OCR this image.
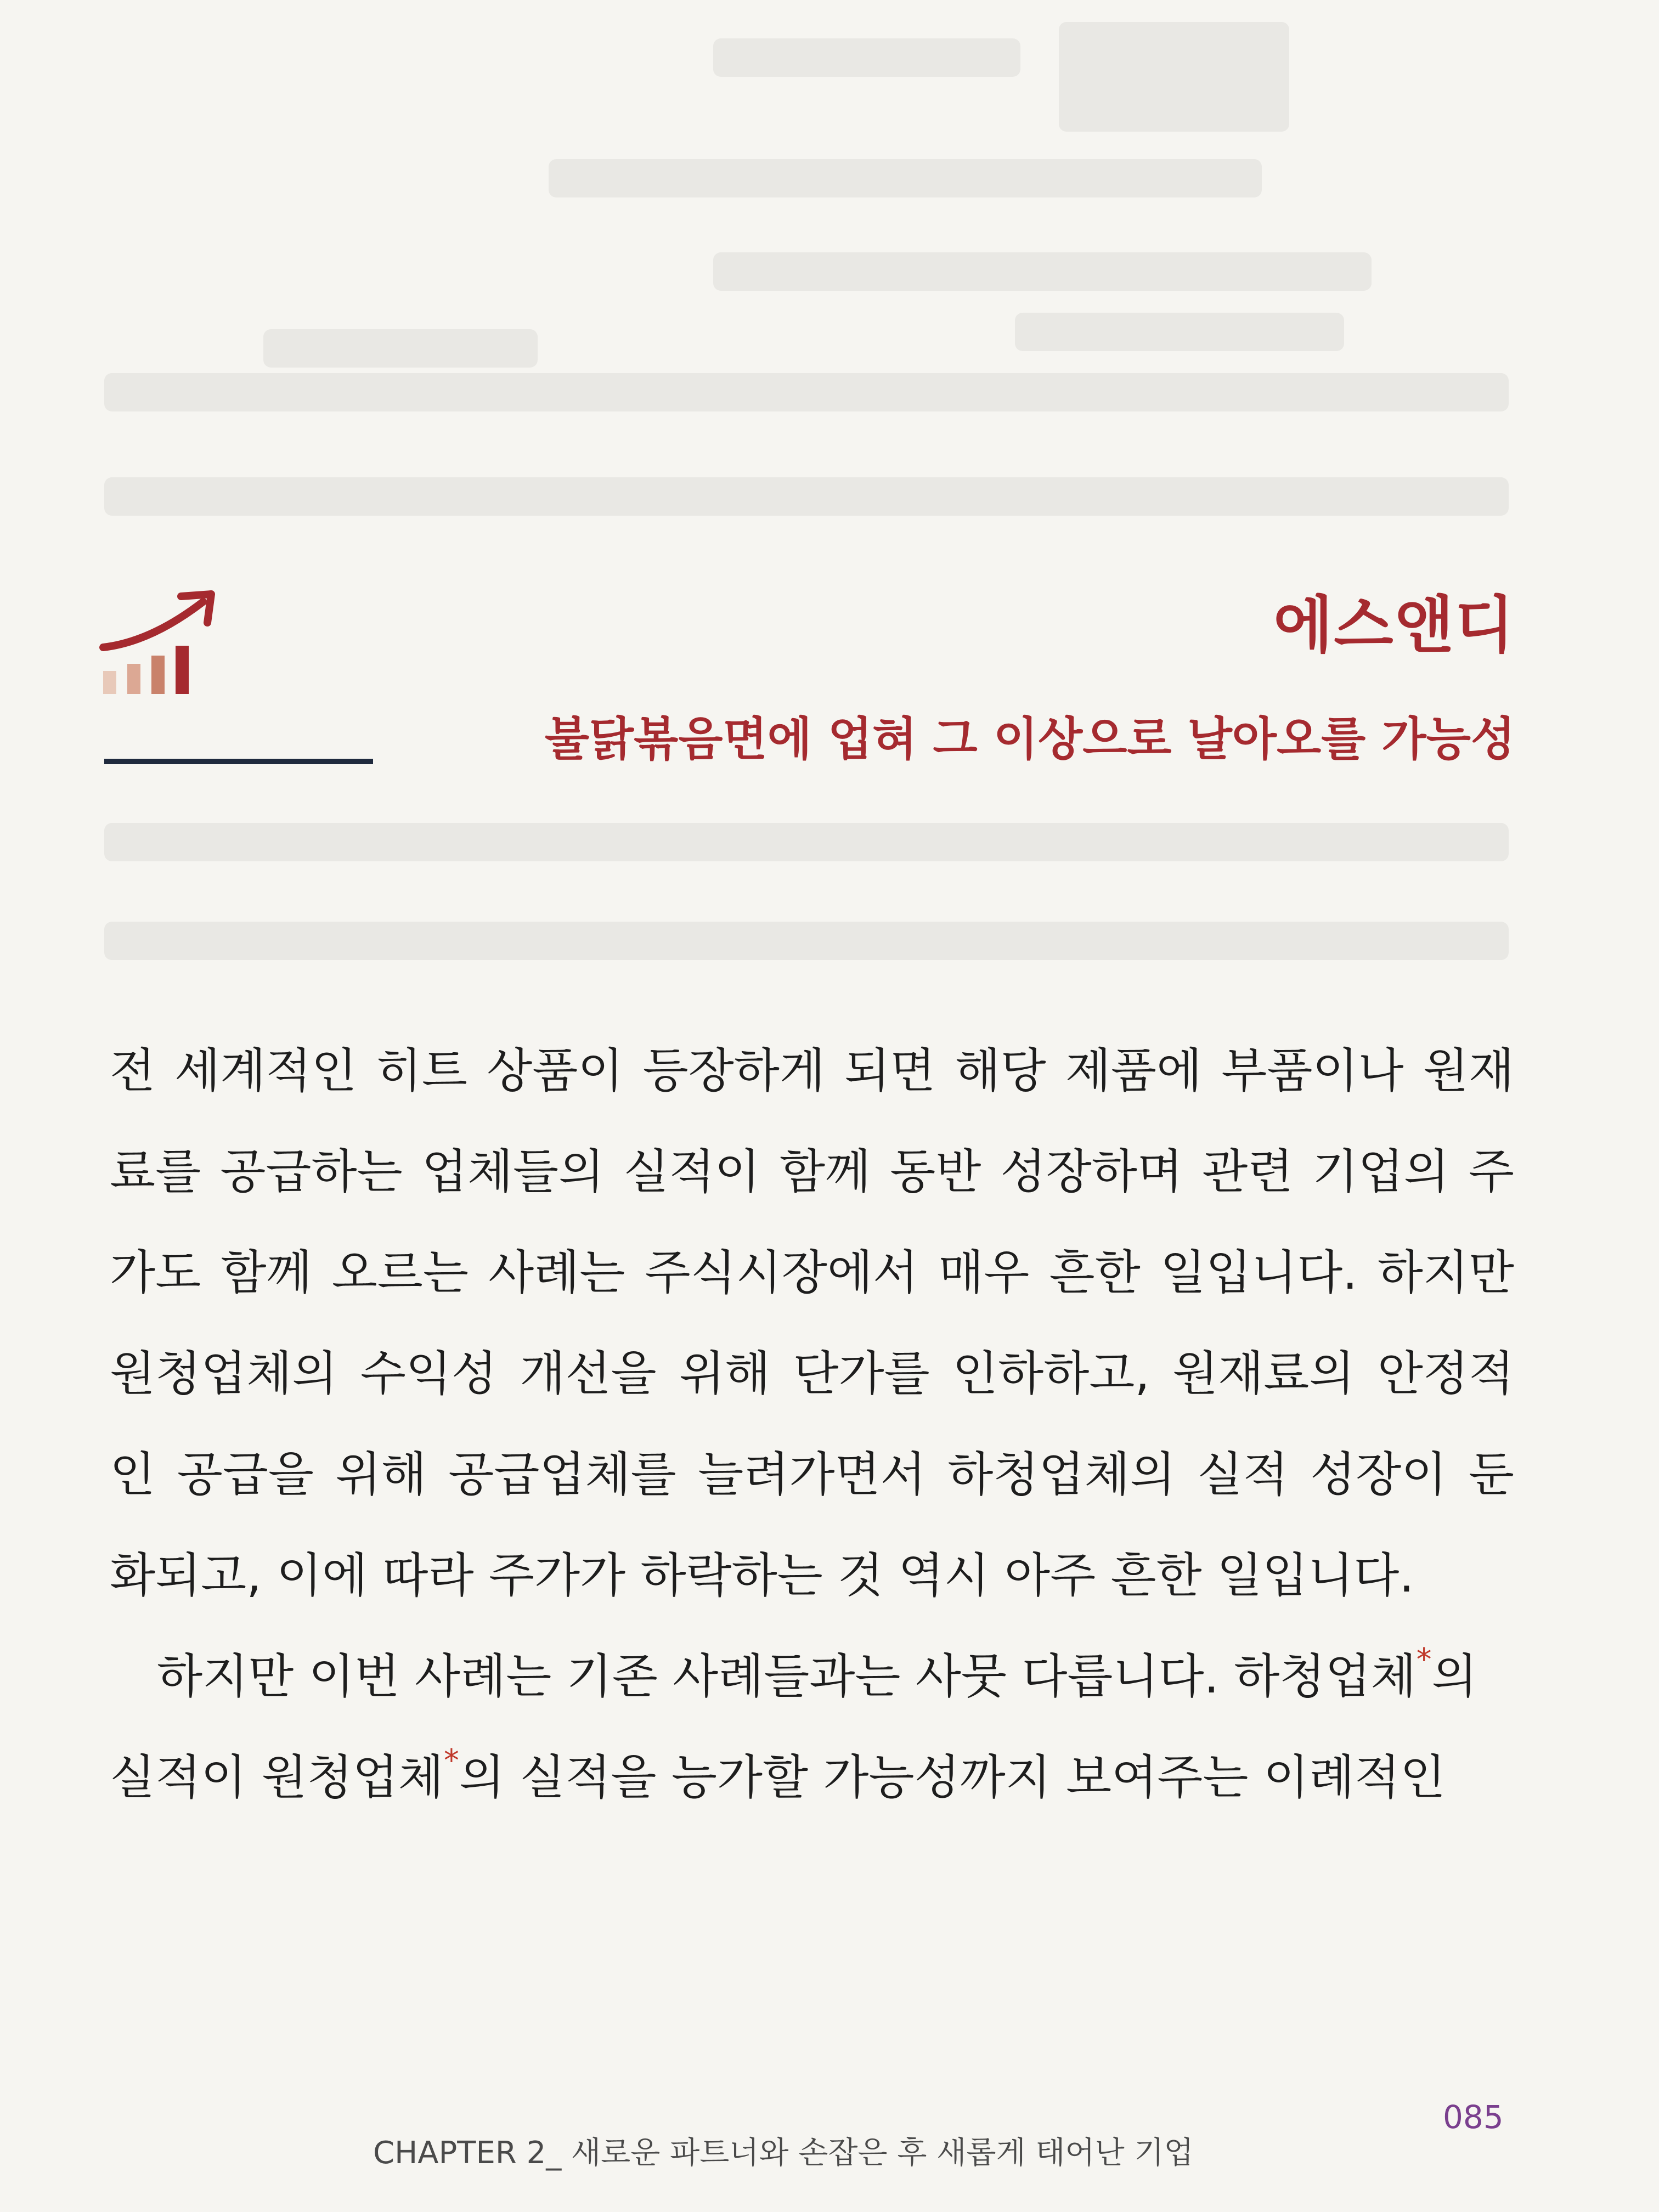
에스앤디
불닭볶음면에 업혀 그 이상으로 날아오를 가능성
전 세계적인 히트 상품이 등장하게 되면 해당 제품에 부품이나 원재
료를 공급하는 업체들의 실적이 함께 동반 성장하며 관련 기업의 주
가도 함께 오르는 사례는 주식시장에서 매우 흔한 일입니다. 하지만
원청업체의 수익성 개선을 위해 단가를 인하하고, 원재료의 안정적
인 공급을 위해 공급업체를 늘려가면서 하청업체의 실적 성장이 둔
화되고, 이에 따라 주가가 하락하는 것 역시 아주 흔한 일입니다.
하지만 이번 사례는 기존 사례들과는 사뭇 다릅니다. 하청업체 * 의
실적이 원청업체 * 의 실적을 능가할 가능성까지 보여주는 이례적인
CHAPTER 2_ 새로운 파트너와 손잡은 후 새롭게 태어난 기업
085
